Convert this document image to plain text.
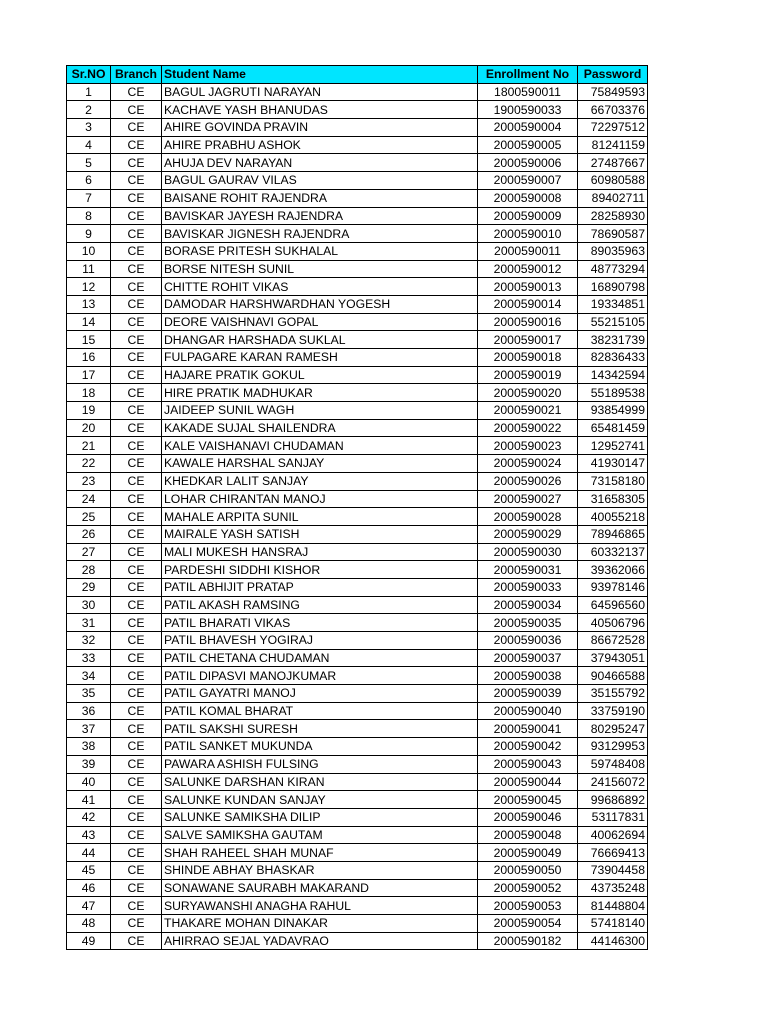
Sr.NO	Branch	Student Name	Enrollment No	Password
1	CE	BAGUL JAGRUTI NARAYAN	1800590011	75849593
2	CE	KACHAVE YASH BHANUDAS	1900590033	66703376
3	CE	AHIRE GOVINDA PRAVIN	2000590004	72297512
4	CE	AHIRE PRABHU ASHOK	2000590005	81241159
5	CE	AHUJA DEV NARAYAN	2000590006	27487667
6	CE	BAGUL GAURAV VILAS	2000590007	60980588
7	CE	BAISANE ROHIT RAJENDRA	2000590008	89402711
8	CE	BAVISKAR JAYESH RAJENDRA	2000590009	28258930
9	CE	BAVISKAR JIGNESH RAJENDRA	2000590010	78690587
10	CE	BORASE PRITESH SUKHALAL	2000590011	89035963
11	CE	BORSE NITESH SUNIL	2000590012	48773294
12	CE	CHITTE ROHIT VIKAS	2000590013	16890798
13	CE	DAMODAR HARSHWARDHAN YOGESH	2000590014	19334851
14	CE	DEORE VAISHNAVI GOPAL	2000590016	55215105
15	CE	DHANGAR HARSHADA SUKLAL	2000590017	38231739
16	CE	FULPAGARE KARAN RAMESH	2000590018	82836433
17	CE	HAJARE PRATIK GOKUL	2000590019	14342594
18	CE	HIRE PRATIK MADHUKAR	2000590020	55189538
19	CE	JAIDEEP SUNIL WAGH	2000590021	93854999
20	CE	KAKADE SUJAL SHAILENDRA	2000590022	65481459
21	CE	KALE VAISHANAVI CHUDAMAN	2000590023	12952741
22	CE	KAWALE HARSHAL SANJAY	2000590024	41930147
23	CE	KHEDKAR LALIT SANJAY	2000590026	73158180
24	CE	LOHAR CHIRANTAN MANOJ	2000590027	31658305
25	CE	MAHALE ARPITA SUNIL	2000590028	40055218
26	CE	MAIRALE YASH SATISH	2000590029	78946865
27	CE	MALI MUKESH HANSRAJ	2000590030	60332137
28	CE	PARDESHI SIDDHI KISHOR	2000590031	39362066
29	CE	PATIL ABHIJIT PRATAP	2000590033	93978146
30	CE	PATIL AKASH RAMSING	2000590034	64596560
31	CE	PATIL BHARATI VIKAS	2000590035	40506796
32	CE	PATIL BHAVESH YOGIRAJ	2000590036	86672528
33	CE	PATIL CHETANA CHUDAMAN	2000590037	37943051
34	CE	PATIL DIPASVI MANOJKUMAR	2000590038	90466588
35	CE	PATIL GAYATRI MANOJ	2000590039	35155792
36	CE	PATIL KOMAL BHARAT	2000590040	33759190
37	CE	PATIL SAKSHI SURESH	2000590041	80295247
38	CE	PATIL SANKET MUKUNDA	2000590042	93129953
39	CE	PAWARA ASHISH FULSING	2000590043	59748408
40	CE	SALUNKE DARSHAN KIRAN	2000590044	24156072
41	CE	SALUNKE KUNDAN SANJAY	2000590045	99686892
42	CE	SALUNKE SAMIKSHA DILIP	2000590046	53117831
43	CE	SALVE SAMIKSHA GAUTAM	2000590048	40062694
44	CE	SHAH RAHEEL SHAH MUNAF	2000590049	76669413
45	CE	SHINDE ABHAY BHASKAR	2000590050	73904458
46	CE	SONAWANE SAURABH MAKARAND	2000590052	43735248
47	CE	SURYAWANSHI ANAGHA RAHUL	2000590053	81448804
48	CE	THAKARE MOHAN DINAKAR	2000590054	57418140
49	CE	AHIRRAO SEJAL YADAVRAO	2000590182	44146300
